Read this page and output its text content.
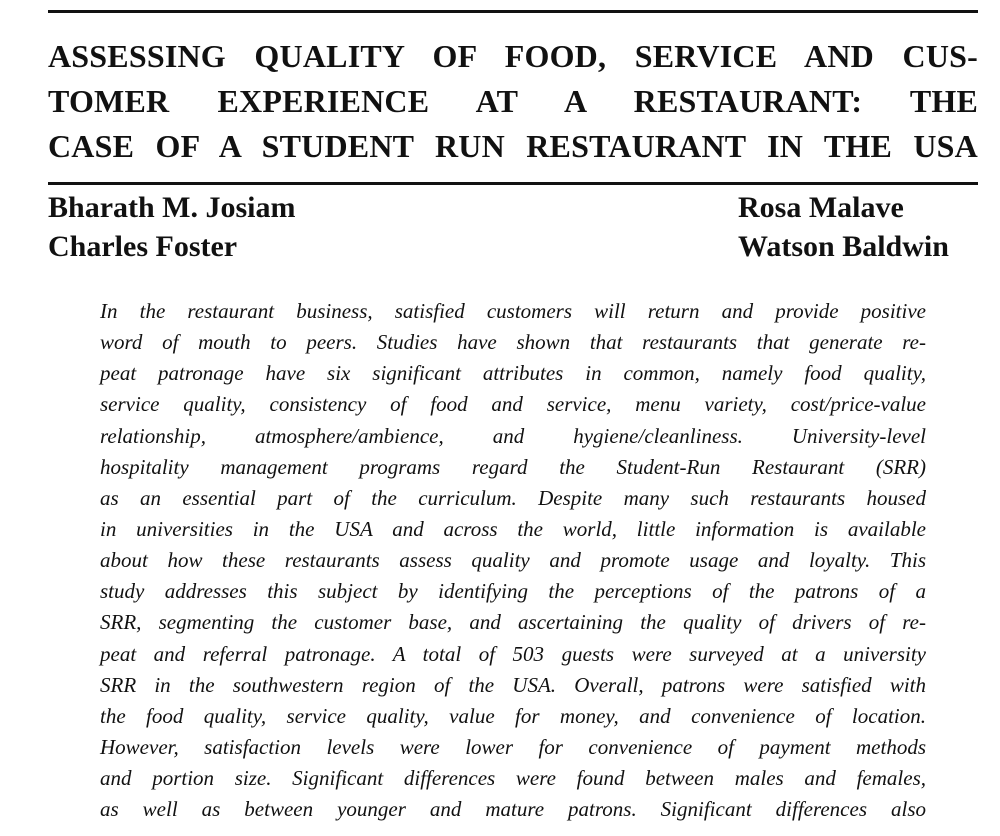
ASSESSING QUALITY OF FOOD, SERVICE AND CUS-
TOMER EXPERIENCE AT A RESTAURANT: THE
CASE OF A STUDENT RUN RESTAURANT IN THE USA
Bharath M. Josiam
Charles Foster
Rosa Malave
Watson Baldwin
In the restaurant business, satisfied customers will return and provide positive
word of mouth to peers. Studies have shown that restaurants that generate re-
peat patronage have six significant attributes in common, namely food quality,
service quality, consistency of food and service, menu variety, cost/price-value
relationship, atmosphere/ambience, and hygiene/cleanliness. University-level
hospitality management programs regard the Student-Run Restaurant (SRR)
as an essential part of the curriculum. Despite many such restaurants housed
in universities in the USA and across the world, little information is available
about how these restaurants assess quality and promote usage and loyalty. This
study addresses this subject by identifying the perceptions of the patrons of a
SRR, segmenting the customer base, and ascertaining the quality of drivers of re-
peat and referral patronage. A total of 503 guests were surveyed at a university
SRR in the southwestern region of the USA. Overall, patrons were satisfied with
the food quality, service quality, value for money, and convenience of location.
However, satisfaction levels were lower for convenience of payment methods
and portion size. Significant differences were found between males and females,
as well as between younger and mature patrons. Significant differences also
